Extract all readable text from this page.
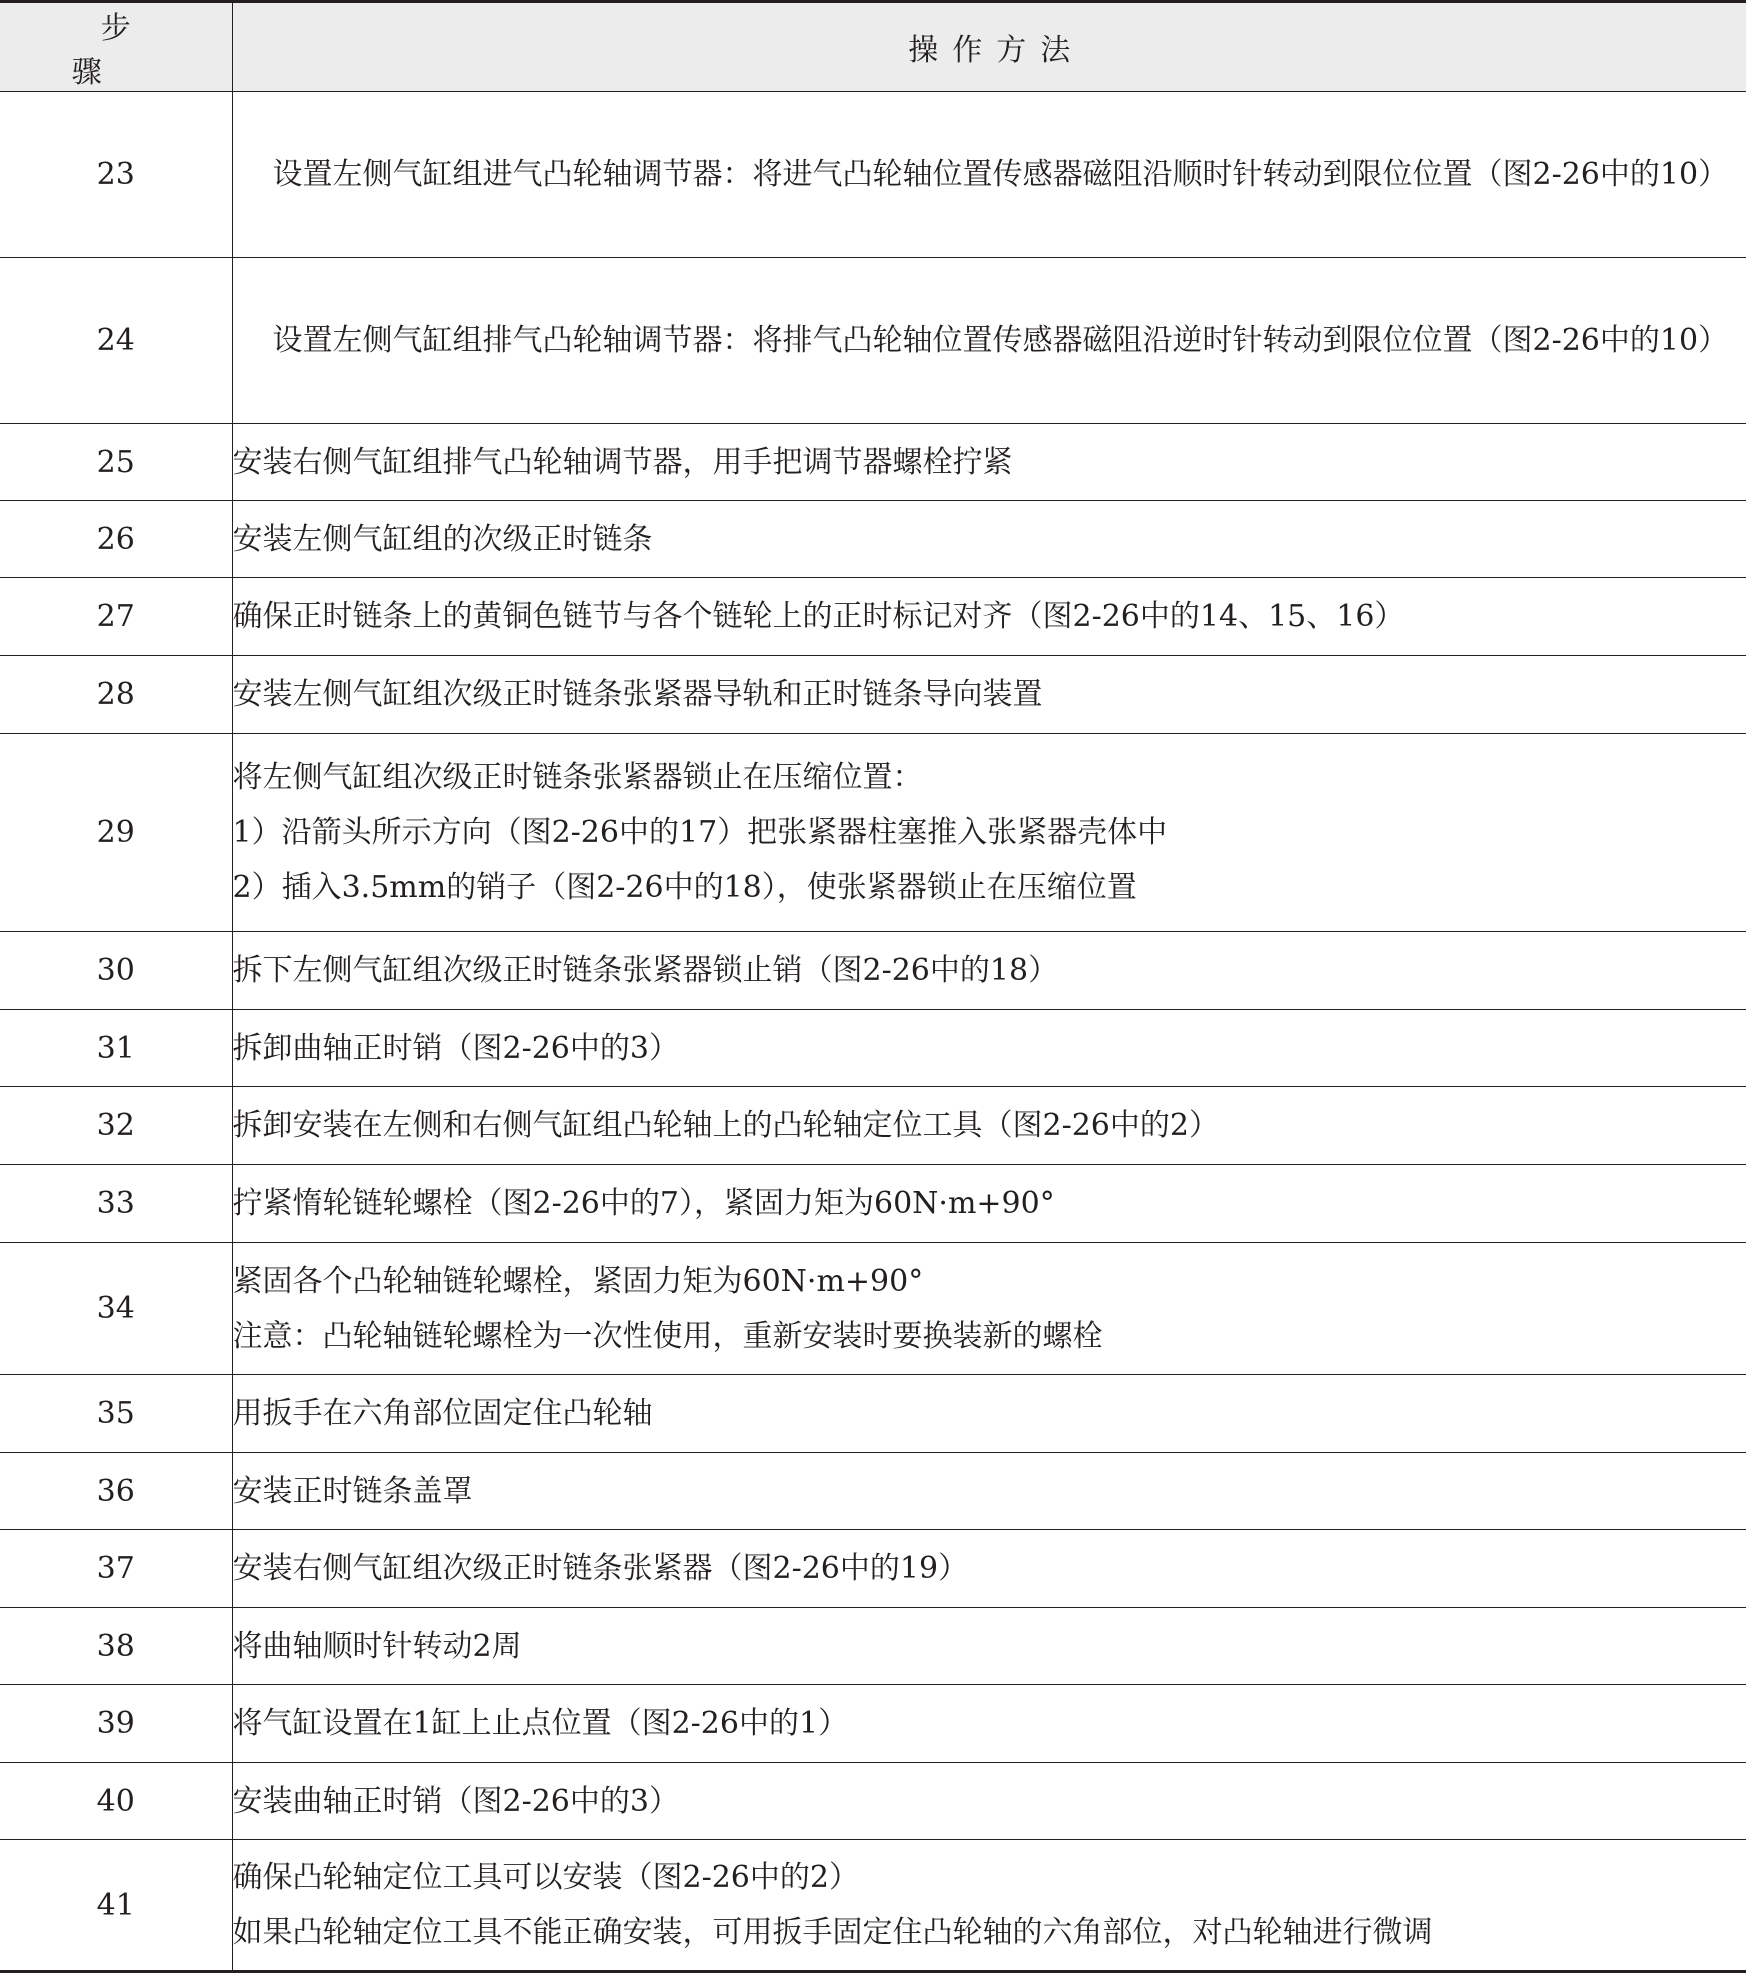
步骤	操作方法
23	设置左侧气缸组进气凸轮轴调节器：将进气凸轮轴位置传感器磁阻沿顺时针转动到限位位置（图2-26中的10）
24	设置左侧气缸组排气凸轮轴调节器：将排气凸轮轴位置传感器磁阻沿逆时针转动到限位位置（图2-26中的10）
25	安装右侧气缸组排气凸轮轴调节器，用手把调节器螺栓拧紧

26	安装左侧气缸组的次级正时链条

27	确保正时链条上的黄铜色链节与各个链轮上的正时标记对齐（图2-26中的14、15、16）

28	安装左侧气缸组次级正时链条张紧器导轨和正时链条导向装置

29	将左侧气缸组次级正时链条张紧器锁止在压缩位置：
1）沿箭头所示方向（图2-26中的17）把张紧器柱塞推入张紧器壳体中
2）插入3.5mm的销子（图2-26中的18），使张紧器锁止在压缩位置

30	拆下左侧气缸组次级正时链条张紧器锁止销（图2-26中的18）

31	拆卸曲轴正时销（图2-26中的3）

32	拆卸安装在左侧和右侧气缸组凸轮轴上的凸轮轴定位工具（图2-26中的2）

33	拧紧惰轮链轮螺栓（图2-26中的7），紧固力矩为60N·m+90°

34	紧固各个凸轮轴链轮螺栓，紧固力矩为60N·m+90°
注意：凸轮轴链轮螺栓为一次性使用，重新安装时要换装新的螺栓

35	用扳手在六角部位固定住凸轮轴

36	安装正时链条盖罩

37	安装右侧气缸组次级正时链条张紧器（图2-26中的19）

38	将曲轴顺时针转动2周

39	将气缸设置在1缸上止点位置（图2-26中的1）

40	安装曲轴正时销（图2-26中的3）

41	确保凸轮轴定位工具可以安装（图2-26中的2）
如果凸轮轴定位工具不能正确安装，可用扳手固定住凸轮轴的六角部位，对凸轮轴进行微调
